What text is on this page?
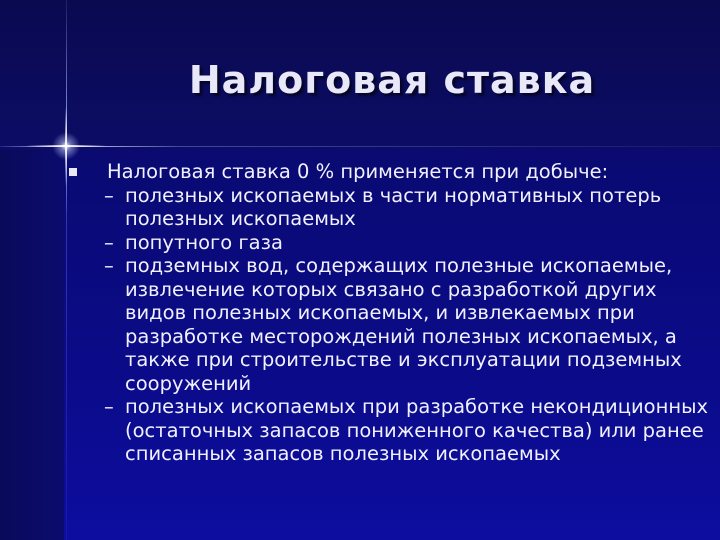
Налоговая ставка
Налоговая ставка 0 % применяется при добыче:
– полезных ископаемых в части нормативных потерь полезных ископаемых
– попутного газа
– подземных вод, содержащих полезные ископаемые, извлечение которых связано с разработкой других видов полезных ископаемых, и извлекаемых при разработке месторождений полезных ископаемых, а также при строительстве и эксплуатации подземных сооружений
– полезных ископаемых при разработке некондиционных (остаточных запасов пониженного качества) или ранее списанных запасов полезных ископаемых
